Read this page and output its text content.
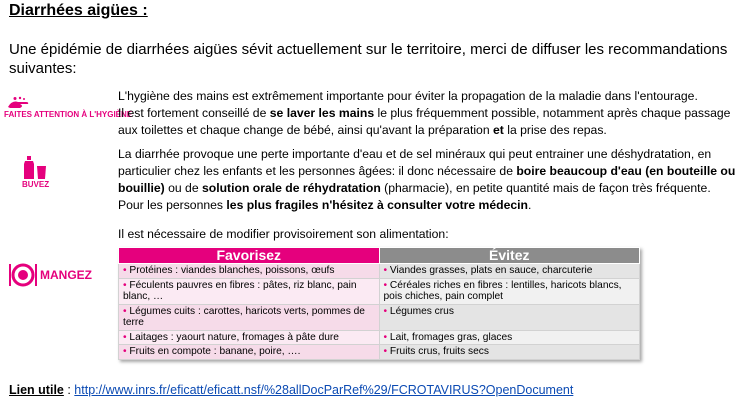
Diarrhées aigües :
Une épidémie de diarrhées aigües sévit actuellement sur le territoire, merci de diffuser les recommandations suivantes:
FAITES ATTENTION À L'HYGIÈNE
BUVEZ
MANGEZ
L'hygiène des mains est extrêmement importante pour éviter la propagation de la maladie dans l'entourage.
Il est fortement conseillé de se laver les mains le plus fréquemment possible, notamment après chaque passage aux toilettes et chaque change de bébé, ainsi qu'avant la préparation et la prise des repas.
La diarrhée provoque une perte importante d'eau et de sel minéraux qui peut entrainer une déshydratation, en particulier chez les enfants et les personnes âgées: il donc nécessaire de boire beaucoup d'eau (en bouteille ou bouillie) ou de solution orale de réhydratation (pharmacie), en petite quantité mais de façon très fréquente. Pour les personnes les plus fragiles n'hésitez à consulter votre médecin.
Il est nécessaire de modifier provisoirement son alimentation:
Favorisez	Évitez
• Protéines : viandes blanches, poissons, œufs	• Viandes grasses, plats en sauce, charcuterie
• Féculents pauvres en fibres : pâtes, riz blanc, pain blanc, …	• Céréales riches en fibres : lentilles, haricots blancs, pois chiches, pain complet
• Légumes cuits : carottes, haricots verts, pommes de terre	• Légumes crus
• Laitages : yaourt nature, fromages à pâte dure	• Lait, fromages gras, glaces
• Fruits en compote : banane, poire, ….	• Fruits crus, fruits secs
Lien utile : http://www.inrs.fr/eficatt/eficatt.nsf/%28allDocParRef%29/FCROTAVIRUS?OpenDocument
